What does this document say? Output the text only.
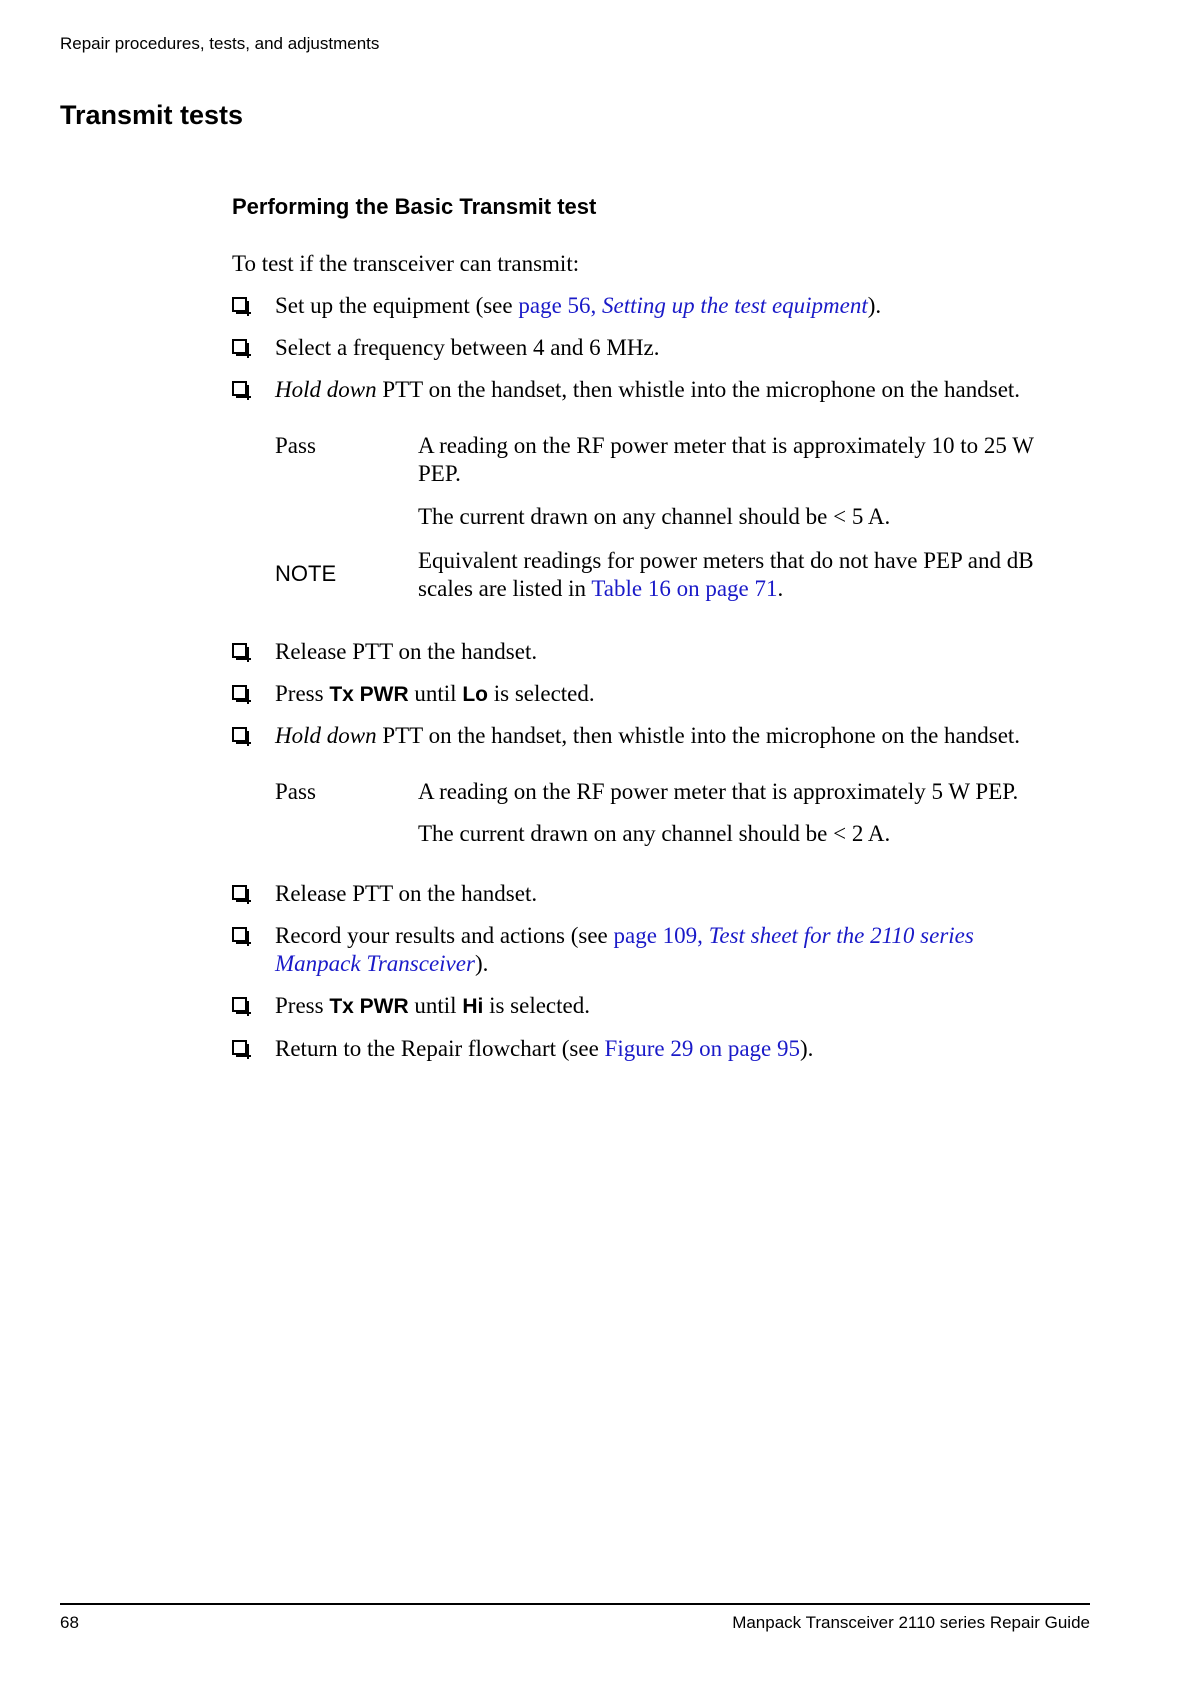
Repair procedures, tests, and adjustments
Transmit tests
Performing the Basic Transmit test
To test if the transceiver can transmit:
Set up the equipment (see page 56, Setting up the test equipment).
Select a frequency between 4 and 6 MHz.
Hold down PTT on the handset, then whistle into the microphone on the handset.
Pass	A reading on the RF power meter that is approximately 10 to 25 W PEP.
The current drawn on any channel should be < 5 A.
NOTE
Equivalent readings for power meters that do not have PEP and dB scales are listed in Table 16 on page 71.
Release PTT on the handset.
Press Tx PWR until Lo is selected.
Hold down PTT on the handset, then whistle into the microphone on the handset.
Pass	A reading on the RF power meter that is approximately 5 W PEP.
The current drawn on any channel should be < 2 A.
Release PTT on the handset.
Record your results and actions (see page 109, Test sheet for the 2110 series Manpack Transceiver).
Press Tx PWR until Hi is selected.
Return to the Repair flowchart (see Figure 29 on page 95).
68	Manpack Transceiver 2110 series Repair Guide
